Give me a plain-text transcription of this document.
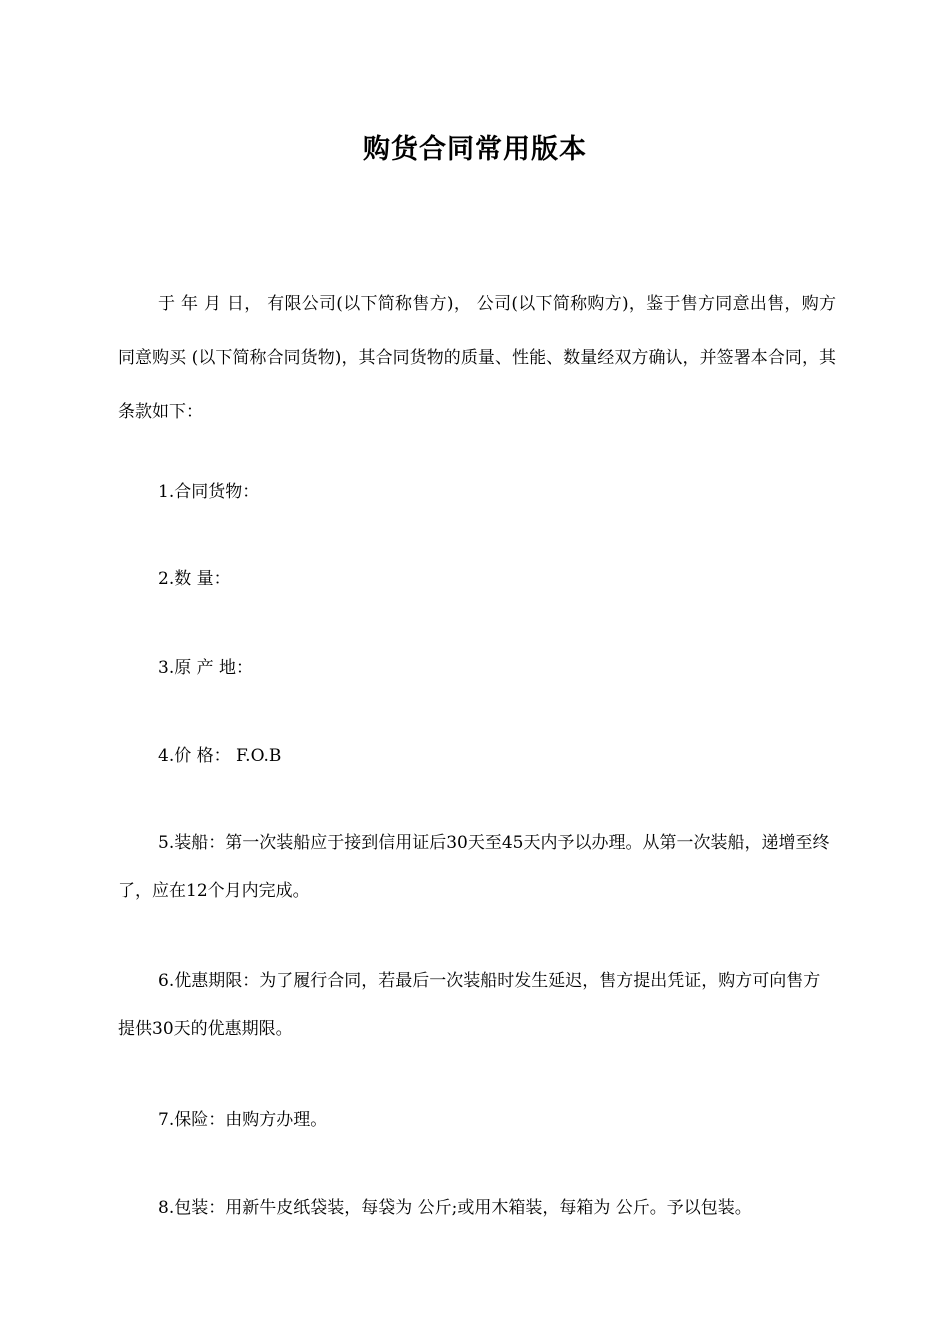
购货合同常用版本

于 年 月 日， 有限公司(以下简称售方)， 公司(以下简称购方)，鉴于售方同意出售，购方同意购买 (以下简称合同货物)，其合同货物的质量、性能、数量经双方确认，并签署本合同，其条款如下：

1.合同货物：
2.数 量：
3.原 产 地：
4.价 格： F.O.B

5.装船：第一次装船应于接到信用证后30天至45天内予以办理。从第一次装船，递增至终了，应在12个月内完成。

6.优惠期限：为了履行合同，若最后一次装船时发生延迟，售方提出凭证，购方可向售方提供30天的优惠期限。

7.保险：由购方办理。
8.包装：用新牛皮纸袋装，每袋为 公斤;或用木箱装，每箱为 公斤。予以包装。
